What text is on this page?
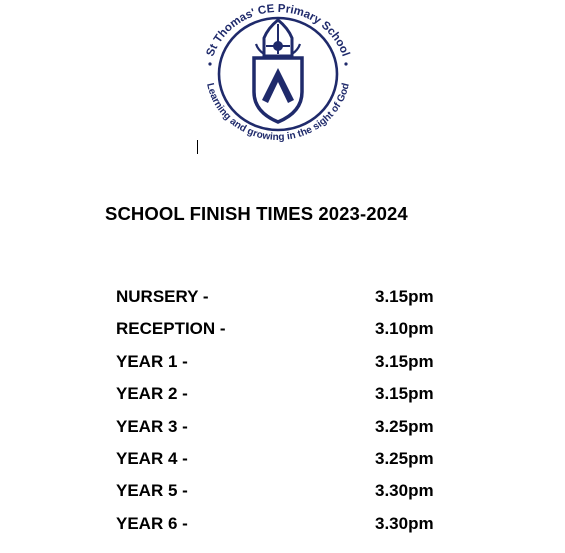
St Thomas' CE Primary School
Learning and growing in the sight of God
SCHOOL FINISH TIMES 2023-2024
NURSERY -	3.15pm
RECEPTION -	3.10pm
YEAR 1 -	3.15pm
YEAR 2 -	3.15pm
YEAR 3 -	3.25pm
YEAR 4 -	3.25pm
YEAR 5 -	3.30pm
YEAR 6 -	3.30pm
